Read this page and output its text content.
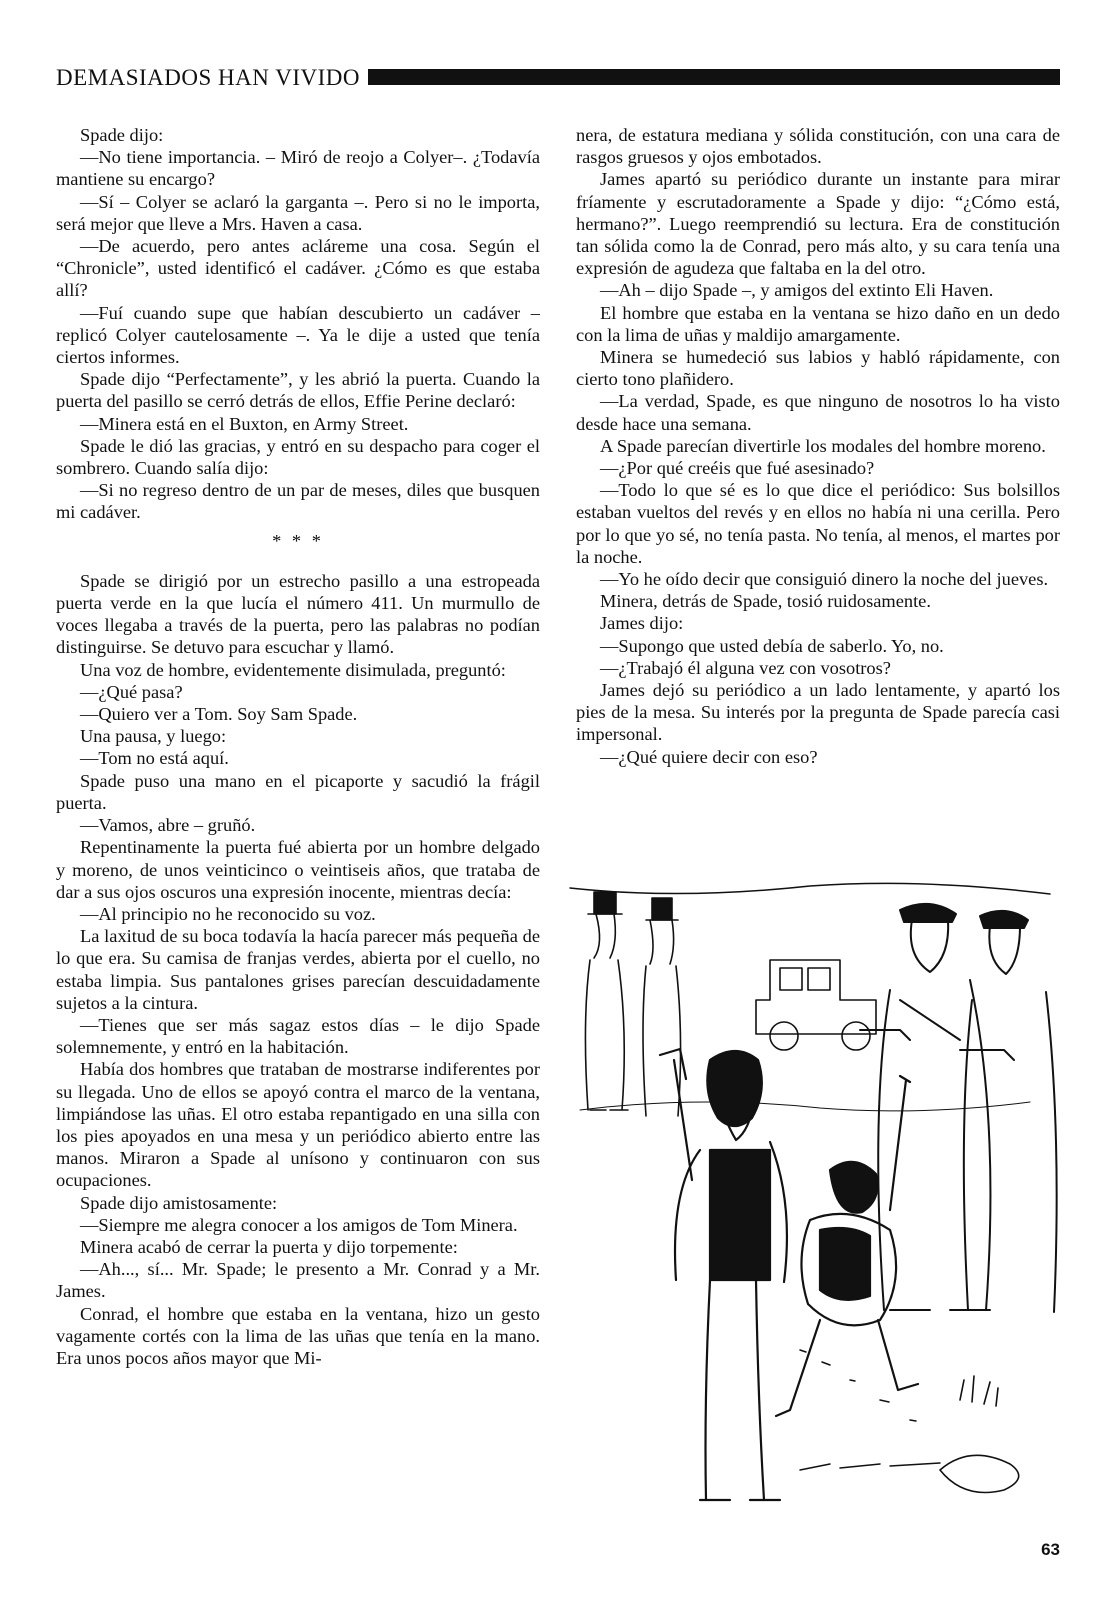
DEMASIADOS HAN VIVIDO

Spade dijo:

—No tiene importancia. – Miró de reojo a Colyer–. ¿Todavía mantiene su encargo?

—Sí – Colyer se aclaró la garganta –. Pero si no le importa, será mejor que lleve a Mrs. Haven a casa.

—De acuerdo, pero antes acláreme una cosa. Según el “Chronicle”, usted identificó el cadáver. ¿Cómo es que estaba allí?

—Fuí cuando supe que habían descubierto un cadáver – replicó Colyer cautelosamente –. Ya le dije a usted que tenía ciertos informes.

Spade dijo “Perfectamente”, y les abrió la puerta. Cuando la puerta del pasillo se cerró detrás de ellos, Effie Perine declaró:

—Minera está en el Buxton, en Army Street.

Spade le dió las gracias, y entró en su despacho para coger el sombrero. Cuando salía dijo:

—Si no regreso dentro de un par de meses, diles que busquen mi cadáver.

* * *

Spade se dirigió por un estrecho pasillo a una estropeada puerta verde en la que lucía el número 411. Un murmullo de voces llegaba a través de la puerta, pero las palabras no podían distinguirse. Se detuvo para escuchar y llamó.

Una voz de hombre, evidentemente disimulada, preguntó:

—¿Qué pasa?

—Quiero ver a Tom. Soy Sam Spade.

Una pausa, y luego:

—Tom no está aquí.

Spade puso una mano en el picaporte y sacudió la frágil puerta.

—Vamos, abre – gruñó.

Repentinamente la puerta fué abierta por un hombre delgado y moreno, de unos veinticinco o veintiseis años, que trataba de dar a sus ojos oscuros una expresión inocente, mientras decía:

—Al principio no he reconocido su voz.

La laxitud de su boca todavía la hacía parecer más pequeña de lo que era. Su camisa de franjas verdes, abierta por el cuello, no estaba limpia. Sus pantalones grises parecían descuidadamente sujetos a la cintura.

—Tienes que ser más sagaz estos días – le dijo Spade solemnemente, y entró en la habitación.

Había dos hombres que trataban de mostrarse indiferentes por su llegada. Uno de ellos se apoyó contra el marco de la ventana, limpiándose las uñas. El otro estaba repantigado en una silla con los pies apoyados en una mesa y un periódico abierto entre las manos. Miraron a Spade al unísono y continuaron con sus ocupaciones.

Spade dijo amistosamente:

—Siempre me alegra conocer a los amigos de Tom Minera.

Minera acabó de cerrar la puerta y dijo torpemente:

—Ah..., sí... Mr. Spade; le presento a Mr. Conrad y a Mr. James.

Conrad, el hombre que estaba en la ventana, hizo un gesto vagamente cortés con la lima de las uñas que tenía en la mano. Era unos pocos años mayor que Mi-

nera, de estatura mediana y sólida constitución, con una cara de rasgos gruesos y ojos embotados.

James apartó su periódico durante un instante para mirar fríamente y escrutadoramente a Spade y dijo: “¿Cómo está, hermano?”. Luego reemprendió su lectura. Era de constitución tan sólida como la de Conrad, pero más alto, y su cara tenía una expresión de agudeza que faltaba en la del otro.

—Ah – dijo Spade –, y amigos del extinto Eli Haven.

El hombre que estaba en la ventana se hizo daño en un dedo con la lima de uñas y maldijo amargamente.

Minera se humedeció sus labios y habló rápidamente, con cierto tono plañidero.

—La verdad, Spade, es que ninguno de nosotros lo ha visto desde hace una semana.

A Spade parecían divertirle los modales del hombre moreno.

—¿Por qué creéis que fué asesinado?

—Todo lo que sé es lo que dice el periódico: Sus bolsillos estaban vueltos del revés y en ellos no había ni una cerilla. Pero por lo que yo sé, no tenía pasta. No tenía, al menos, el martes por la noche.

—Yo he oído decir que consiguió dinero la noche del jueves.

Minera, detrás de Spade, tosió ruidosamente.

James dijo:

—Supongo que usted debía de saberlo. Yo, no.

—¿Trabajó él alguna vez con vosotros?

James dejó su periódico a un lado lentamente, y apartó los pies de la mesa. Su interés por la pregunta de Spade parecía casi impersonal.

—¿Qué quiere decir con eso?

63
